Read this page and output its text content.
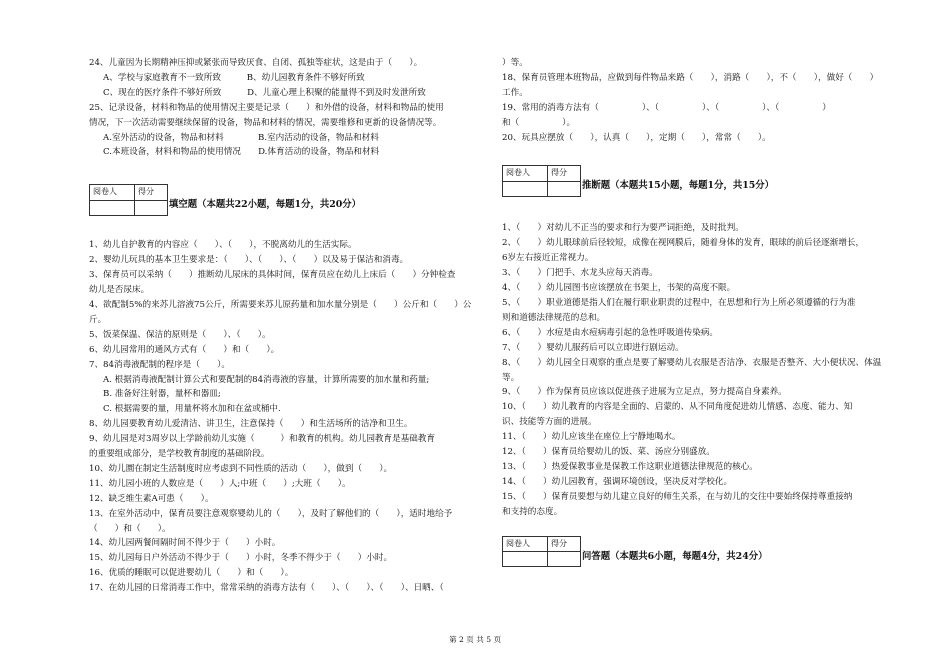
24、儿童因为长期精神压抑或紧张而导致厌食、自闭、孤独等症状，这是由于（　　）。
A、学校与家庭教育不一致所致　　　B、幼儿园教育条件不够好所致
C、现在的医疗条件不够好所致　　　D、儿童心理上积聚的能量得不到及时发泄所致
25、记录设备，材料和物品的使用情况主要是记录（　　）和外借的设备，材料和物品的使用
情况，下一次活动需要继续保留的设备，物品和材料的情况，需要维修和更新的设备情况等。
A.室外活动的设备，物品和材料　　　　B.室内活动的设备，物品和材料
C.本班设备，材料和物品的使用情况　　D.体育活动的设备，物品和材料
阅卷人	得分

填空题（本题共22小题，每题1分，共20分）
1、幼儿自护教育的内容应（　　）、（　　），不脱离幼儿的生活实际。
2、婴幼儿玩具的基本卫生要求是：（　　）、（　　）、（　　）以及易于保洁和消毒。
3、保育员可以采纳（　　）推断幼儿尿床的具体时间，保育员应在幼儿上床后（　　）分钟检查
幼儿是否尿床。
4、欲配制5%的来苏儿溶液75公斤，所需要来苏儿原药量和加水量分别是（　　）公斤和（　　）公
斤。
5、饭菜保温、保洁的原则是（　　）、（　　）。
6、幼儿园常用的通风方式有（　　）和（　　）。
7、84消毒液配制的程序是（　　）。
A. 根据消毒液配制计算公式和要配制的84消毒液的容量，计算所需要的加水量和药量;
B. 准备好注射器，量杯和器皿;
C. 根据需要的量，用量杯将水加和在盆或桶中.
8、幼儿园要教育幼儿爱清洁、讲卫生，注意保持（　　）和生活场所的洁净和卫生。
9、幼儿园是对3周岁以上学龄前幼儿实施（　　　）和教育的机构。幼儿园教育是基础教育
的重要组成部分，是学校教育制度的基础阶段。
10、幼儿圜在制定生活制度时应考虑到不同性质的活动（　　），做到（　　）。
11、幼儿园小班的人数应是（　　）人;中班（　　）;大班（　　）。
12、缺乏维生素A可患（　　）。
13、在室外活动中，保育员要注意观察婴幼儿的（　　），及时了解他们的（　　），适时地给予
（　　）和（　　）。
14、幼儿园两餐间隔时间不得少于（　　）小时。
15、幼儿园每日户外活动不得少于（　　）小时，冬季不得少于（　　）小时。
16、优质的睡眠可以促进婴幼儿（　　）和（　　）。
17、在幼儿园的日常消毒工作中，常常采纳的消毒方法有（　　）、（　　）、（　　）、日晒、（
）等。
18、保育员管理本班物品，应做到每件物品来路（　　），消路（　　），不（　　），做好（　　）
工作。
19、常用的消毒方法有（　　　　　）、（　　　　　）、（　　　　　）、（　　　　　）
和（　　　　　）。
20、玩具应摆放（　　），认真（　　），定期（　　），常常（　　）。
阅卷人	得分

推断题（本题共15小题，每题1分，共15分）
1、（　　）对幼儿不正当的要求和行为要严词拒绝，及时批判。
2、（　　）幼儿眼球前后径较短，成像在视网膜后，随着身体的发育，眼球的前后径逐渐增长，
6岁左右接近正常视力。
3、（　　）门把手、水龙头应每天消毒。
4、（　　）幼儿园图书应该摆放在书架上，书架的高度不限。
5、（　　）职业道德是指人们在履行职业职责的过程中，在思想和行为上所必须遵循的行为准
则和道德法律规范的总和。
6、（　　）水痘是由水痘病毒引起的急性呼吸道传染病。
7、（　　）婴幼儿服药后可以立即进行剧运动。
8、（　　）幼儿园全日观察的重点是要了解婴幼儿衣服是否洁净、衣服是否整齐、大小便状况、体温
等。
9、（　　）作为保育员应该以促进孩子进展为立足点，努力提高自身素养。
10、（　　）幼儿教育的内容是全面的、启蒙的、从不同角度促进幼儿情感、态度、能力、知
识、技能等方面的进展。
11、（　　）幼儿应该坐在座位上宁静地喝水。
12、（　　）保育员给婴幼儿的饭、菜、汤应分别盛放。
13、（　　）热爱保教事业是保教工作这职业道德法律规范的核心。
14、（　　）幼儿园教育，强调环境创设，坚决反对学校化。
15、（　　）保育员要想与幼儿建立良好的师生关系，在与幼儿的交往中要始终保持尊重接纳
和支持的态度。
阅卷人	得分

问答题（本题共6小题，每题4分，共24分）
第 2 页 共 5 页
